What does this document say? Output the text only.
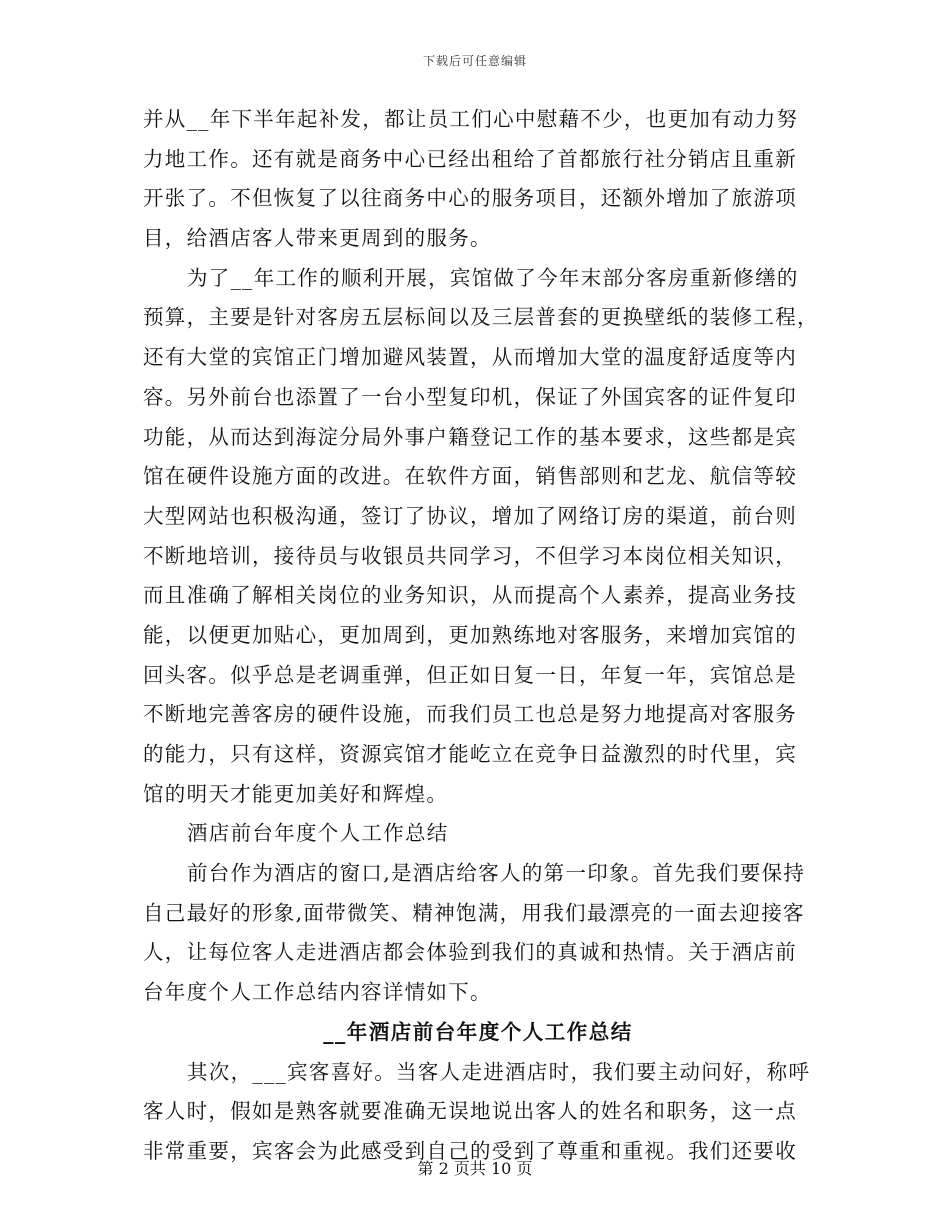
下载后可任意编辑
并从__年下半年起补发，都让员工们心中慰藉不少，也更加有动力努
力地工作。还有就是商务中心已经出租给了首都旅行社分销店且重新
开张了。不但恢复了以往商务中心的服务项目，还额外增加了旅游项
目，给酒店客人带来更周到的服务。
为了__年工作的顺利开展，宾馆做了今年末部分客房重新修缮的
预算，主要是针对客房五层标间以及三层普套的更换壁纸的装修工程，
还有大堂的宾馆正门增加避风装置，从而增加大堂的温度舒适度等内
容。另外前台也添置了一台小型复印机，保证了外国宾客的证件复印
功能，从而达到海淀分局外事户籍登记工作的基本要求，这些都是宾
馆在硬件设施方面的改进。在软件方面，销售部则和艺龙、航信等较
大型网站也积极沟通，签订了协议，增加了网络订房的渠道，前台则
不断地培训，接待员与收银员共同学习，不但学习本岗位相关知识，
而且准确了解相关岗位的业务知识，从而提高个人素养，提高业务技
能，以便更加贴心，更加周到，更加熟练地对客服务，来增加宾馆的
回头客。似乎总是老调重弹，但正如日复一日，年复一年，宾馆总是
不断地完善客房的硬件设施，而我们员工也总是努力地提高对客服务
的能力，只有这样，资源宾馆才能屹立在竞争日益激烈的时代里，宾
馆的明天才能更加美好和辉煌。
酒店前台年度个人工作总结
前台作为酒店的窗口,是酒店给客人的第一印象。首先我们要保持
自己最好的形象,面带微笑、精神饱满，用我们最漂亮的一面去迎接客
人，让每位客人走进酒店都会体验到我们的真诚和热情。关于酒店前
台年度个人工作总结内容详情如下。
__年酒店前台年度个人工作总结
其次，___宾客喜好。当客人走进酒店时，我们要主动问好，称呼
客人时，假如是熟客就要准确无误地说出客人的姓名和职务，这一点
非常重要，宾客会为此感受到自己的受到了尊重和重视。我们还要收
第 2 页共 10 页
